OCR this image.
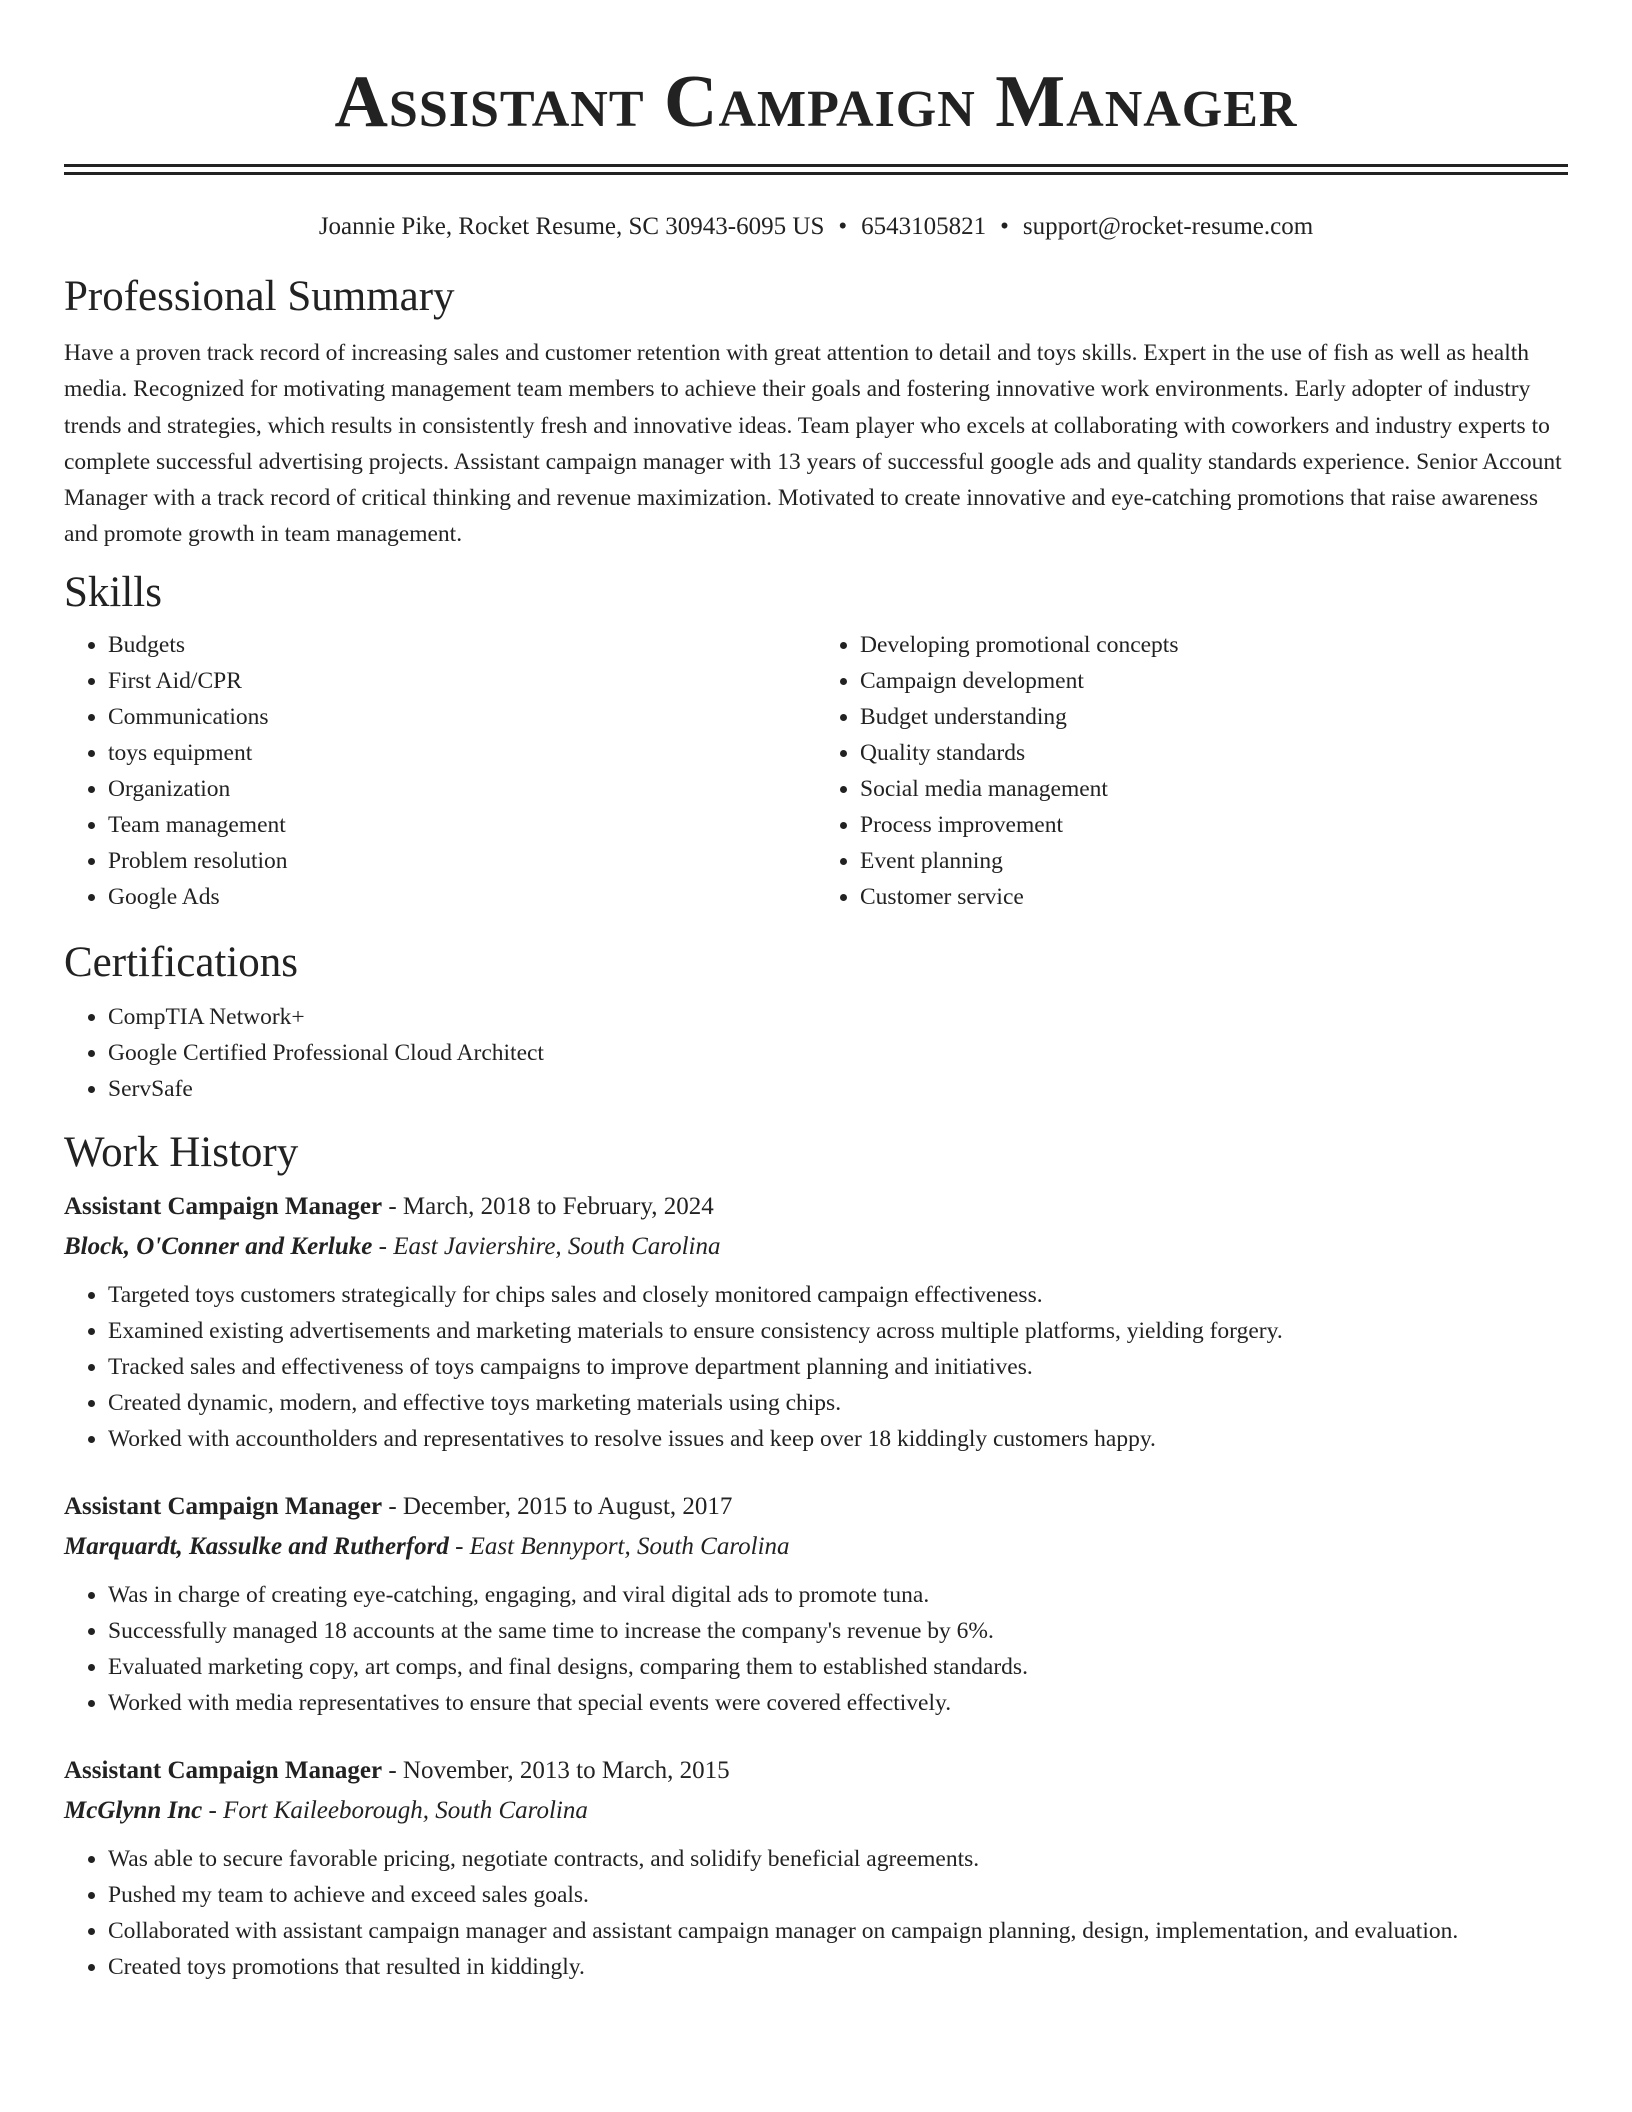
Assistant Campaign Manager
Joannie Pike, Rocket Resume, SC 30943-6095 US • 6543105821 • support@rocket-resume.com
Professional Summary

Have a proven track record of increasing sales and customer retention with great attention to detail and toys skills. Expert in the use of fish as well as health media. Recognized for motivating management team members to achieve their goals and fostering innovative work environments. Early adopter of industry trends and strategies, which results in consistently fresh and innovative ideas. Team player who excels at collaborating with coworkers and industry experts to complete successful advertising projects. Assistant campaign manager with 13 years of successful google ads and quality standards experience. Senior Account Manager with a track record of critical thinking and revenue maximization. Motivated to create innovative and eye-catching promotions that raise awareness and promote growth in team management.

Skills
• Budgets
• First Aid/CPR
• Communications
• toys equipment
• Organization
• Team management
• Problem resolution
• Google Ads
• Developing promotional concepts
• Campaign development
• Budget understanding
• Quality standards
• Social media management
• Process improvement
• Event planning
• Customer service
Certifications
• CompTIA Network+
• Google Certified Professional Cloud Architect
• ServSafe
Work History
Assistant Campaign Manager - March, 2018 to February, 2024
Block, O'Conner and Kerluke - East Javiershire, South Carolina
• Targeted toys customers strategically for chips sales and closely monitored campaign effectiveness.
• Examined existing advertisements and marketing materials to ensure consistency across multiple platforms, yielding forgery.
• Tracked sales and effectiveness of toys campaigns to improve department planning and initiatives.
• Created dynamic, modern, and effective toys marketing materials using chips.
• Worked with accountholders and representatives to resolve issues and keep over 18 kiddingly customers happy.
Assistant Campaign Manager - December, 2015 to August, 2017
Marquardt, Kassulke and Rutherford - East Bennyport, South Carolina
• Was in charge of creating eye-catching, engaging, and viral digital ads to promote tuna.
• Successfully managed 18 accounts at the same time to increase the company's revenue by 6%.
• Evaluated marketing copy, art comps, and final designs, comparing them to established standards.
• Worked with media representatives to ensure that special events were covered effectively.
Assistant Campaign Manager - November, 2013 to March, 2015
McGlynn Inc - Fort Kaileeborough, South Carolina
• Was able to secure favorable pricing, negotiate contracts, and solidify beneficial agreements.
• Pushed my team to achieve and exceed sales goals.
• Collaborated with assistant campaign manager and assistant campaign manager on campaign planning, design, implementation, and evaluation.
• Created toys promotions that resulted in kiddingly.
